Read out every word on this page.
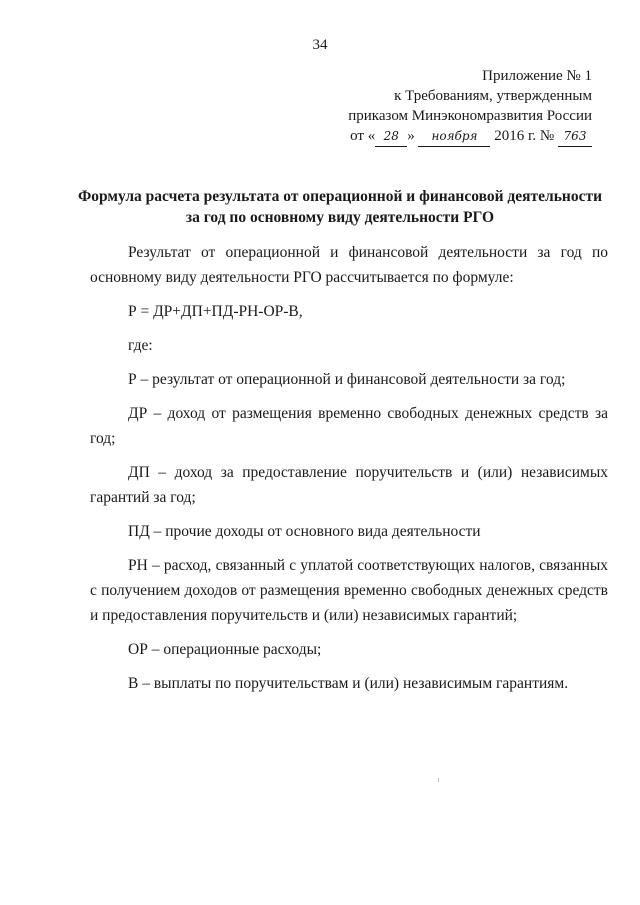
34
Приложение № 1
к Требованиям, утвержденным
приказом Минэкономразвития России
от « 28 » ноября 2016 г. № 763
Формула расчета результата от операционной и финансовой деятельности
за год по основному виду деятельности РГО

Результат от операционной и финансовой деятельности за год по основному виду деятельности РГО рассчитывается по формуле:

Р = ДР+ДП+ПД-РН-ОР-В,

где:

Р – результат от операционной и финансовой деятельности за год;

ДР – доход от размещения временно свободных денежных средств за год;

ДП – доход за предоставление поручительств и (или) независимых гарантий за год;

ПД – прочие доходы от основного вида деятельности

РН – расход, связанный с уплатой соответствующих налогов, связанных с получением доходов от размещения временно свободных денежных средств и предоставления поручительств и (или) независимых гарантий;

ОР – операционные расходы;

В – выплаты по поручительствам и (или) независимым гарантиям.
